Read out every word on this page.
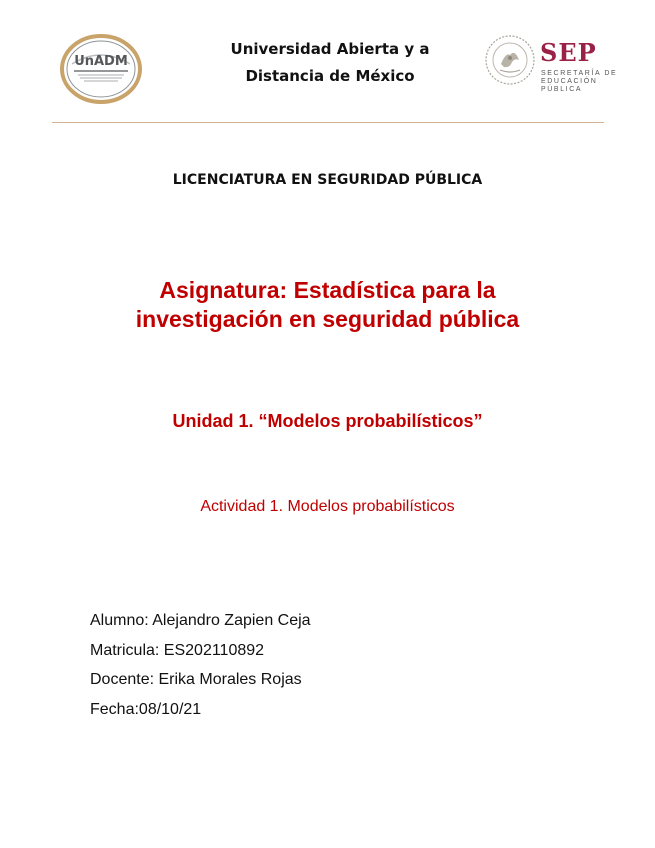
UnADM
Universidad Abierta y a
Distancia de México
SEP
SECRETARÍA DE EDUCACIÓN PÚBLICA
LICENCIATURA EN SEGURIDAD PÚBLICA
Asignatura: Estadística para la
investigación en seguridad pública
Unidad 1. “Modelos probabilísticos”
Actividad 1. Modelos probabilísticos
Alumno: Alejandro Zapien Ceja
Matricula: ES202110892
Docente: Erika Morales Rojas
Fecha:08/10/21
